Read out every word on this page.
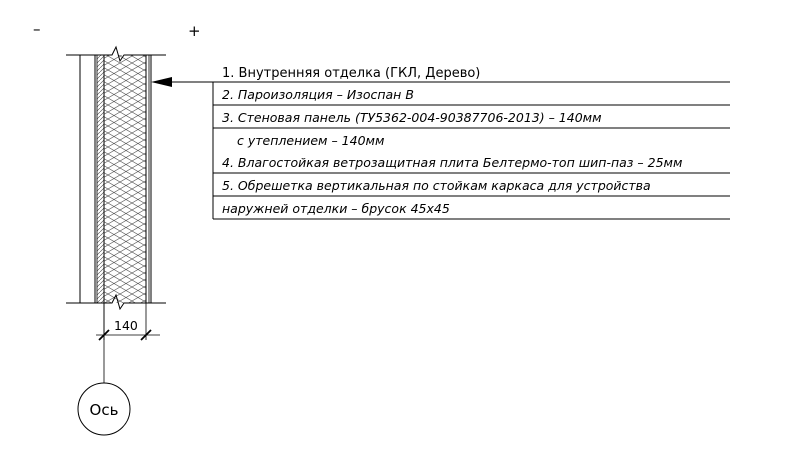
–	+
1. Внутренняя отделка (ГКЛ, Дерево)
2. Пароизоляция – Изоспан В
3. Стеновая панель (ТУ5362-004-90387706-2013) – 140мм
с утеплением – 140мм
4. Влагостойкая ветрозащитная плита Белтермо-топ шип-паз – 25мм
5. Обрешетка вертикальная по стойкам каркаса для устройства
наружней отделки – брусок 45х45
140
Ось
